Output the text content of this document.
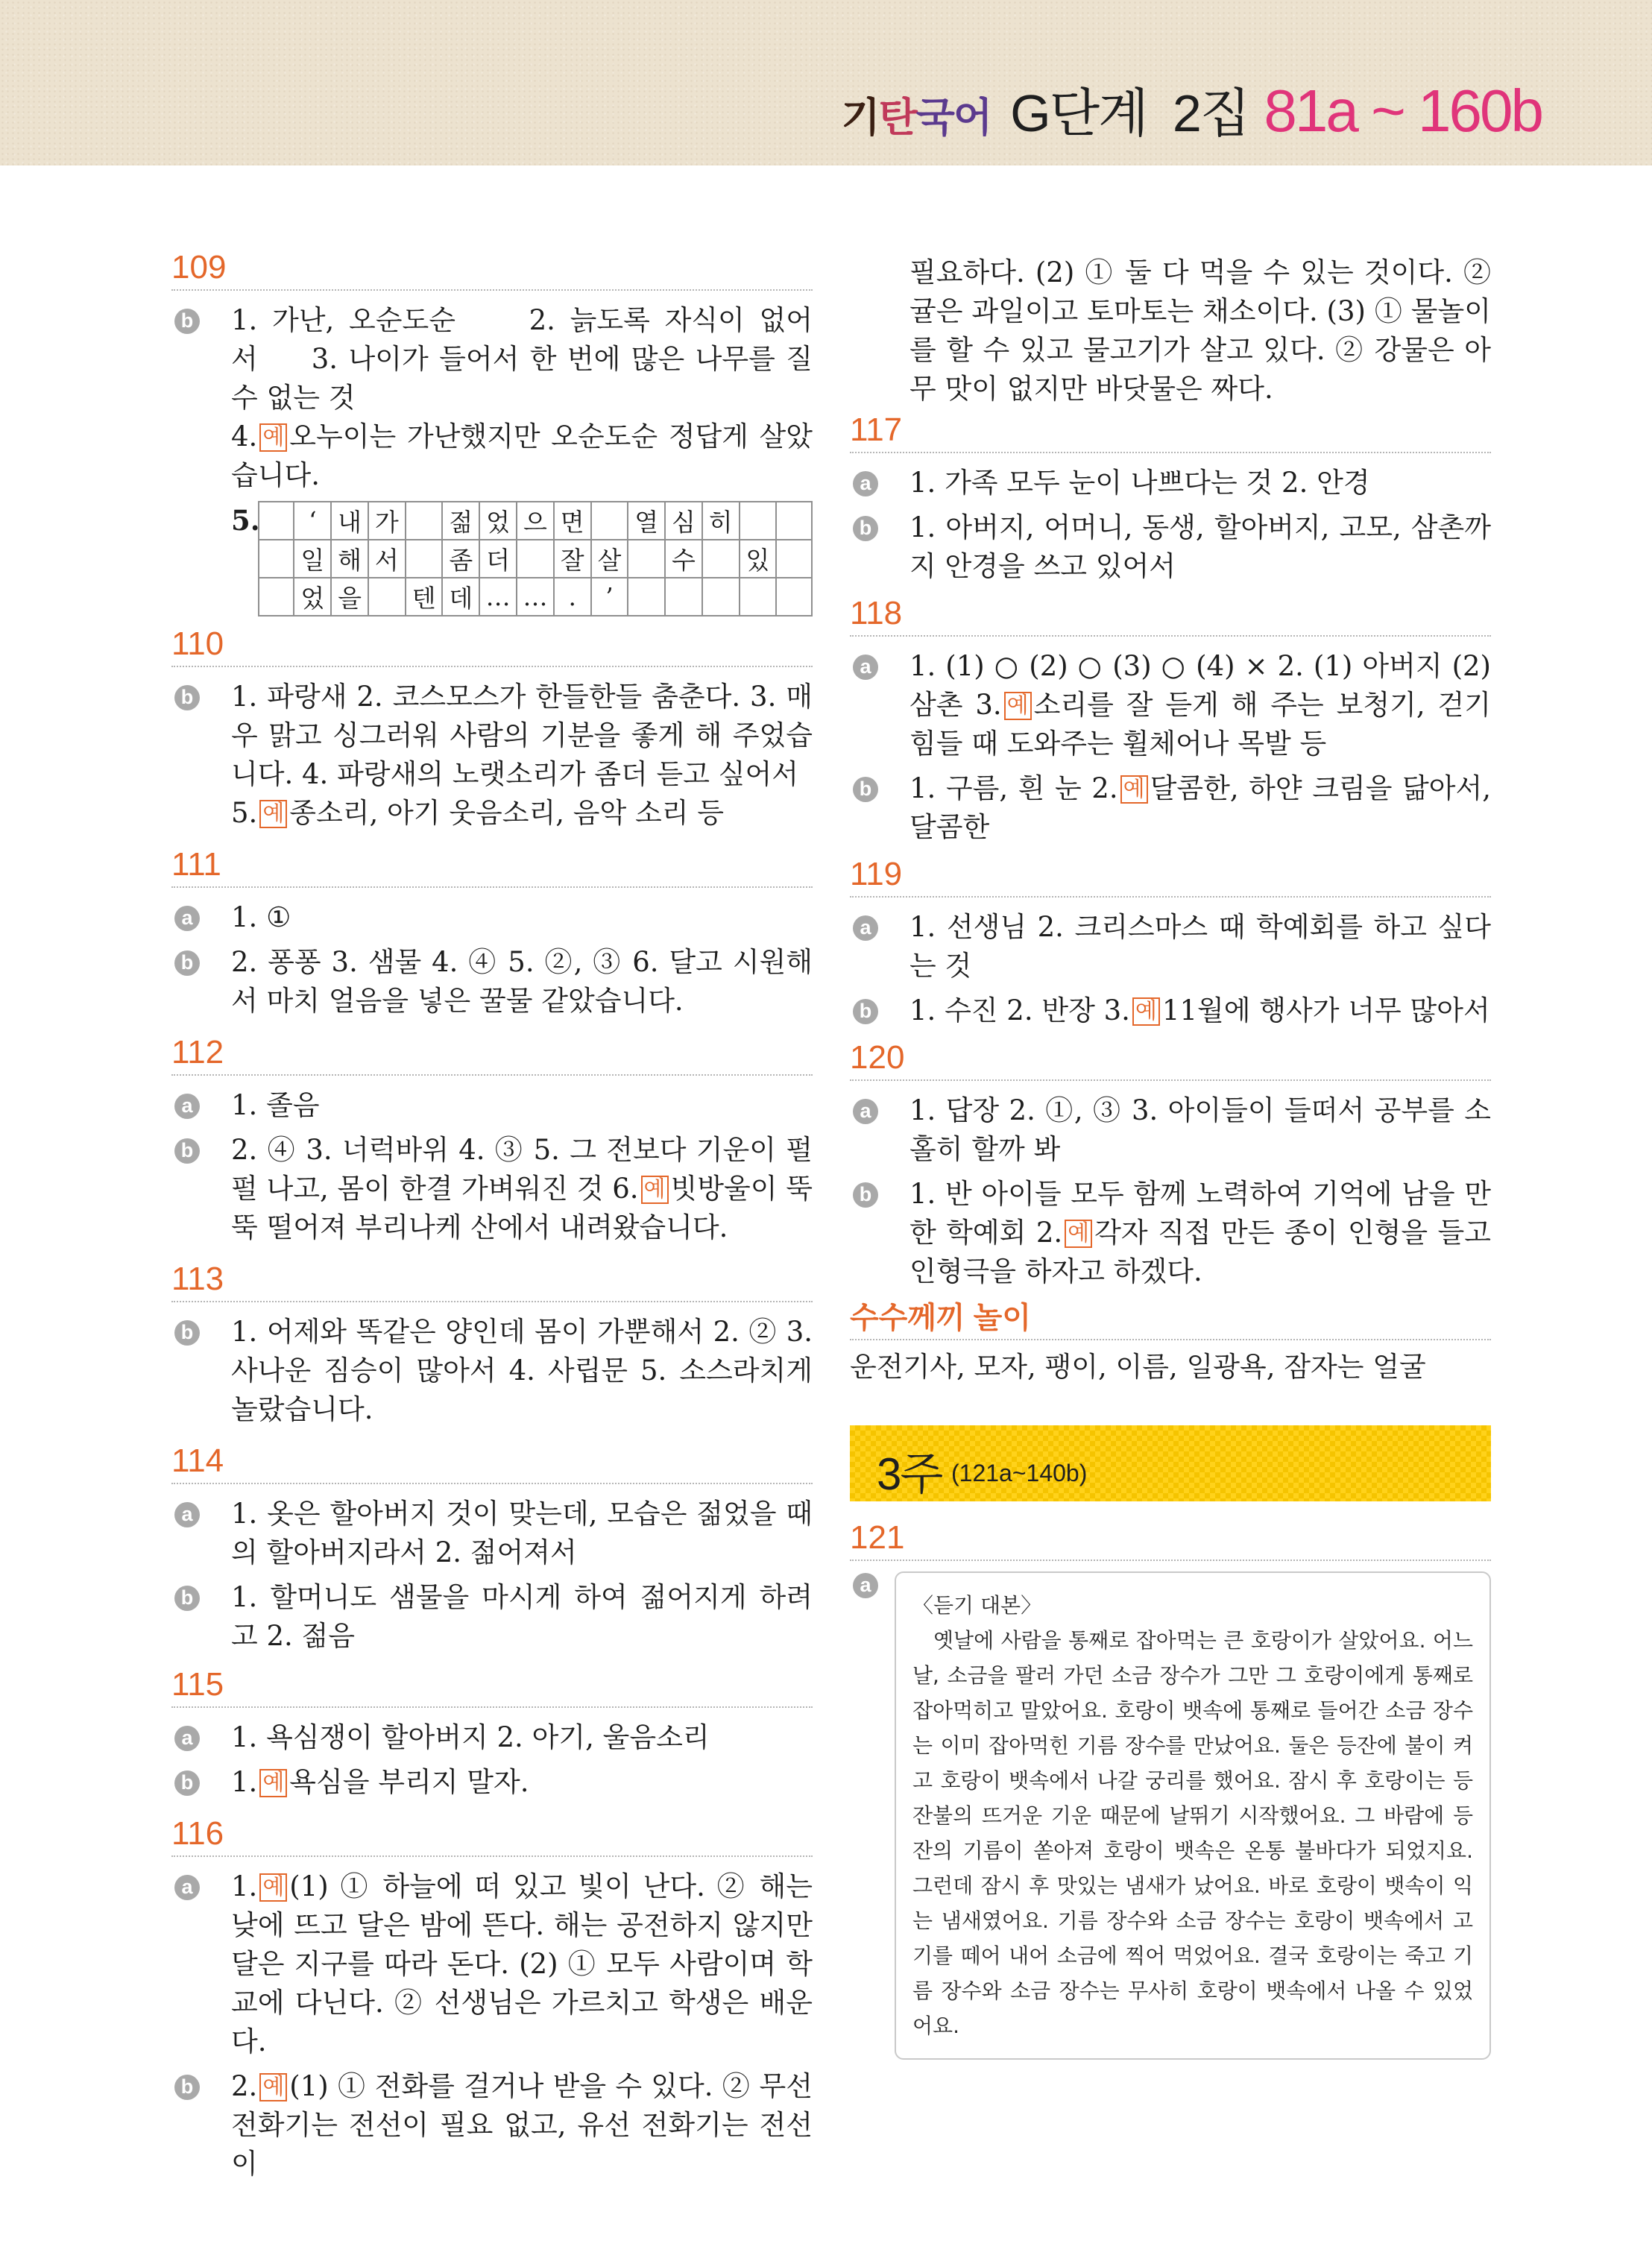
기탄국어 G단계 2집 81a ~ 160b
109
b 1. 가난, 오순도순	2. 늙도록 자식이 없어서 3. 나이가 들어서 한 번에 많은 나무를 질 수 없는 것
4. 예 오누이는 가난했지만 오순도순 정답게 살았습니다.
5.
	‘	내	가		젊	었	으	면		열	심	히		
	일	해	서		좀	더		잘	살		수		있	
	었	을		텐	데	…	…	.	’					
110
b 1. 파랑새 2. 코스모스가 한들한들 춤춘다. 3. 매우 맑고 싱그러워 사람의 기분을 좋게 해 주었습니다. 4. 파랑새의 노랫소리가 좀더 듣고 싶어서
5. 예 종소리, 아기 웃음소리, 음악 소리 등
111
a 1. ①
b 2. 퐁퐁 3. 샘물 4. ④ 5. ②, ③ 6. 달고 시원해서 마치 얼음을 넣은 꿀물 같았습니다.
112
a 1. 졸음
b 2. ④ 3. 너럭바위 4. ③ 5. 그 전보다 기운이 펄펄 나고, 몸이 한결 가벼워진 것 6. 예 빗방울이 뚝뚝 떨어져 부리나케 산에서 내려왔습니다.
113
b 1. 어제와 똑같은 양인데 몸이 가뿐해서 2. ② 3. 사나운 짐승이 많아서 4. 사립문 5. 소스라치게 놀랐습니다.
114
a 1. 옷은 할아버지 것이 맞는데, 모습은 젊었을 때의 할아버지라서 2. 젊어져서
b 1. 할머니도 샘물을 마시게 하여 젊어지게 하려고 2. 젊음
115
a 1. 욕심쟁이 할아버지 2. 아기, 울음소리
b 1. 예 욕심을 부리지 말자.
116
a 1. 예 (1) ① 하늘에 떠 있고 빛이 난다. ② 해는 낮에 뜨고 달은 밤에 뜬다. 해는 공전하지 않지만 달은 지구를 따라 돈다. (2) ① 모두 사람이며 학교에 다닌다. ② 선생님은 가르치고 학생은 배운다.
b 2. 예 (1) ① 전화를 걸거나 받을 수 있다. ② 무선 전화기는 전선이 필요 없고, 유선 전화기는 전선이
필요하다. (2) ① 둘 다 먹을 수 있는 것이다. ② 귤은 과일이고 토마토는 채소이다. (3) ① 물놀이를 할 수 있고 물고기가 살고 있다. ② 강물은 아무 맛이 없지만 바닷물은 짜다.
117
a 1. 가족 모두 눈이 나쁘다는 것 2. 안경
b 1. 아버지, 어머니, 동생, 할아버지, 고모, 삼촌까지 안경을 쓰고 있어서
118
a 1. (1) ○ (2) ○ (3) ○ (4) × 2. (1) 아버지 (2) 삼촌 3. 예 소리를 잘 듣게 해 주는 보청기, 걷기 힘들 때 도와주는 휠체어나 목발 등
b 1. 구름, 흰 눈 2. 예 달콤한, 하얀 크림을 닮아서, 달콤한
119
a 1. 선생님 2. 크리스마스 때 학예회를 하고 싶다는 것
b 1. 수진 2. 반장 3. 예 11월에 행사가 너무 많아서
120
a 1. 답장 2. ①, ③ 3. 아이들이 들떠서 공부를 소홀히 할까 봐
b 1. 반 아이들 모두 함께 노력하여 기억에 남을 만한 학예회 2. 예 각자 직접 만든 종이 인형을 들고 인형극을 하자고 하겠다.
수수께끼 놀이
운전기사, 모자, 팽이, 이름, 일광욕, 잠자는 얼굴
3주 (121a~140b)
121
a
〈듣기 대본〉
옛날에 사람을 통째로 잡아먹는 큰 호랑이가 살았어요. 어느 날, 소금을 팔러 가던 소금 장수가 그만 그 호랑이에게 통째로 잡아먹히고 말았어요. 호랑이 뱃속에 통째로 들어간 소금 장수는 이미 잡아먹힌 기름 장수를 만났어요. 둘은 등잔에 불이 켜고 호랑이 뱃속에서 나갈 궁리를 했어요. 잠시 후 호랑이는 등잔불의 뜨거운 기운 때문에 날뛰기 시작했어요. 그 바람에 등잔의 기름이 쏟아져 호랑이 뱃속은 온통 불바다가 되었지요. 그런데 잠시 후 맛있는 냄새가 났어요. 바로 호랑이 뱃속이 익는 냄새였어요. 기름 장수와 소금 장수는 호랑이 뱃속에서 고기를 떼어 내어 소금에 찍어 먹었어요. 결국 호랑이는 죽고 기름 장수와 소금 장수는 무사히 호랑이 뱃속에서 나올 수 있었어요.
